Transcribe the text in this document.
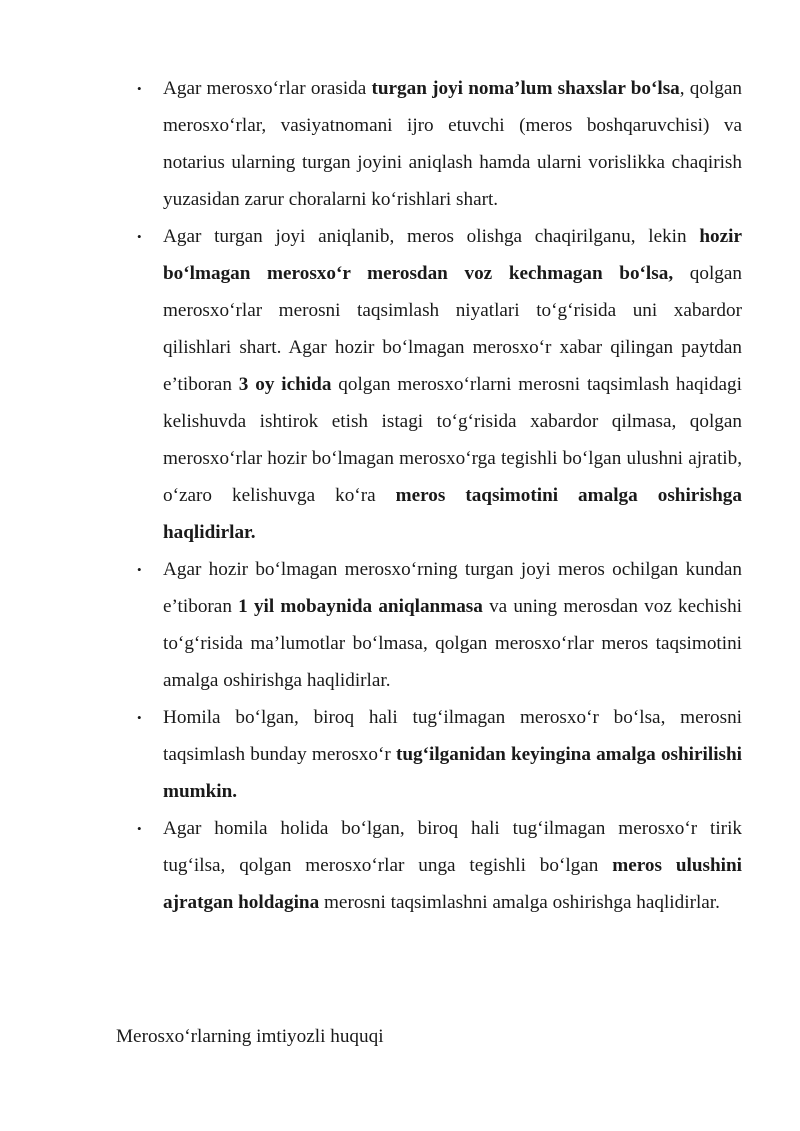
• Agar merosxo‘rlar orasida turgan joyi noma’lum shaxslar bo‘lsa, qolgan merosxo‘rlar, vasiyatnomani ijro etuvchi (meros boshqaruvchisi) va notarius ularning turgan joyini aniqlash hamda ularni vorislikka chaqirish yuzasidan zarur choralarni ko‘rishlari shart.
• Agar turgan joyi aniqlanib, meros olishga chaqirilganu, lekin hozir bo‘lmagan merosxo‘r merosdan voz kechmagan bo‘lsa, qolgan merosxo‘rlar merosni taqsimlash niyatlari to‘g‘risida uni xabardor qilishlari shart. Agar hozir bo‘lmagan merosxo‘r xabar qilingan paytdan e’tiboran 3 oy ichida qolgan merosxo‘rlarni merosni taqsimlash haqidagi kelishuvda ishtirok etish istagi to‘g‘risida xabardor qilmasa, qolgan merosxo‘rlar hozir bo‘lmagan merosxo‘rga tegishli bo‘lgan ulushni ajratib, o‘zaro kelishuvga ko‘ra meros taqsimotini amalga oshirishga haqlidirlar.
• Agar hozir bo‘lmagan merosxo‘rning turgan joyi meros ochilgan kundan e’tiboran 1 yil mobaynida aniqlanmasa va uning merosdan voz kechishi to‘g‘risida ma’lumotlar bo‘lmasa, qolgan merosxo‘rlar meros taqsimotini amalga oshirishga haqlidirlar.
• Homila bo‘lgan, biroq hali tug‘ilmagan merosxo‘r bo‘lsa, merosni taqsimlash bunday merosxo‘r tug‘ilganidan keyingina amalga oshirilishi mumkin.
• Agar homila holida bo‘lgan, biroq hali tug‘ilmagan merosxo‘r tirik tug‘ilsa, qolgan merosxo‘rlar unga tegishli bo‘lgan meros ulushini ajratgan holdagina merosni taqsimlashni amalga oshirishga haqlidirlar.

Merosxo‘rlarning imtiyozli huquqi
